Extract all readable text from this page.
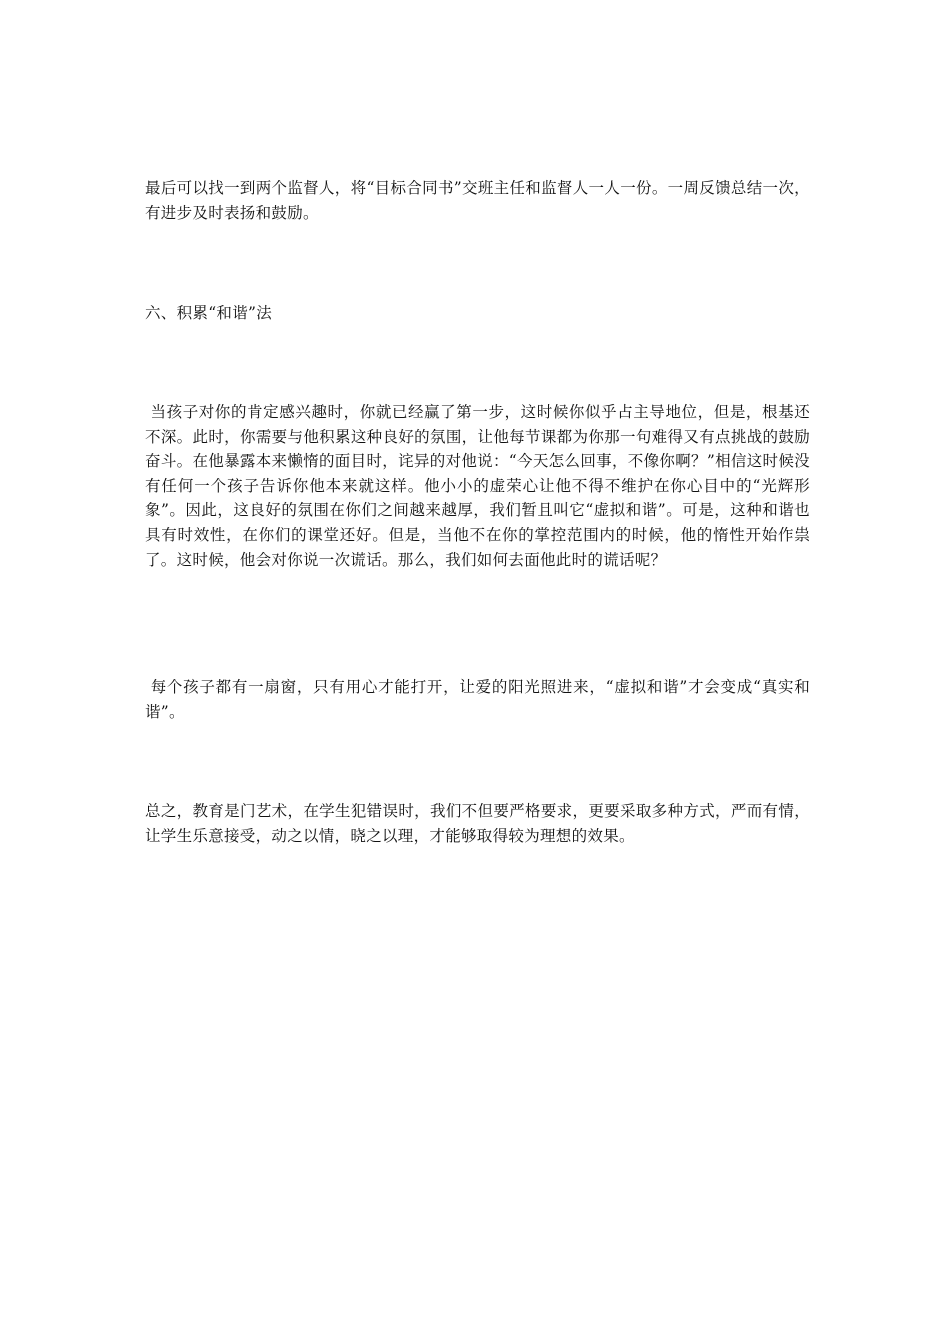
最后可以找一到两个监督人，将“目标合同书”交班主任和监督人一人一份。一周反馈总结一次，有进步及时表扬和鼓励。

六、积累“和谐”法

当孩子对你的肯定感兴趣时，你就已经赢了第一步，这时候你似乎占主导地位，但是，根基还不深。此时，你需要与他积累这种良好的氛围，让他每节课都为你那一句难得又有点挑战的鼓励奋斗。在他暴露本来懒惰的面目时，诧异的对他说：“今天怎么回事，不像你啊？”相信这时候没有任何一个孩子告诉你他本来就这样。他小小的虚荣心让他不得不维护在你心目中的“光辉形象”。因此，这良好的氛围在你们之间越来越厚，我们暂且叫它“虚拟和谐”。可是，这种和谐也具有时效性，在你们的课堂还好。但是，当他不在你的掌控范围内的时候，他的惰性开始作祟了。这时候，他会对你说一次谎话。那么，我们如何去面他此时的谎话呢？

每个孩子都有一扇窗，只有用心才能打开，让爱的阳光照进来，“虚拟和谐”才会变成“真实和谐”。

总之，教育是门艺术，在学生犯错误时，我们不但要严格要求，更要采取多种方式，严而有情，让学生乐意接受，动之以情，晓之以理，才能够取得较为理想的效果。
